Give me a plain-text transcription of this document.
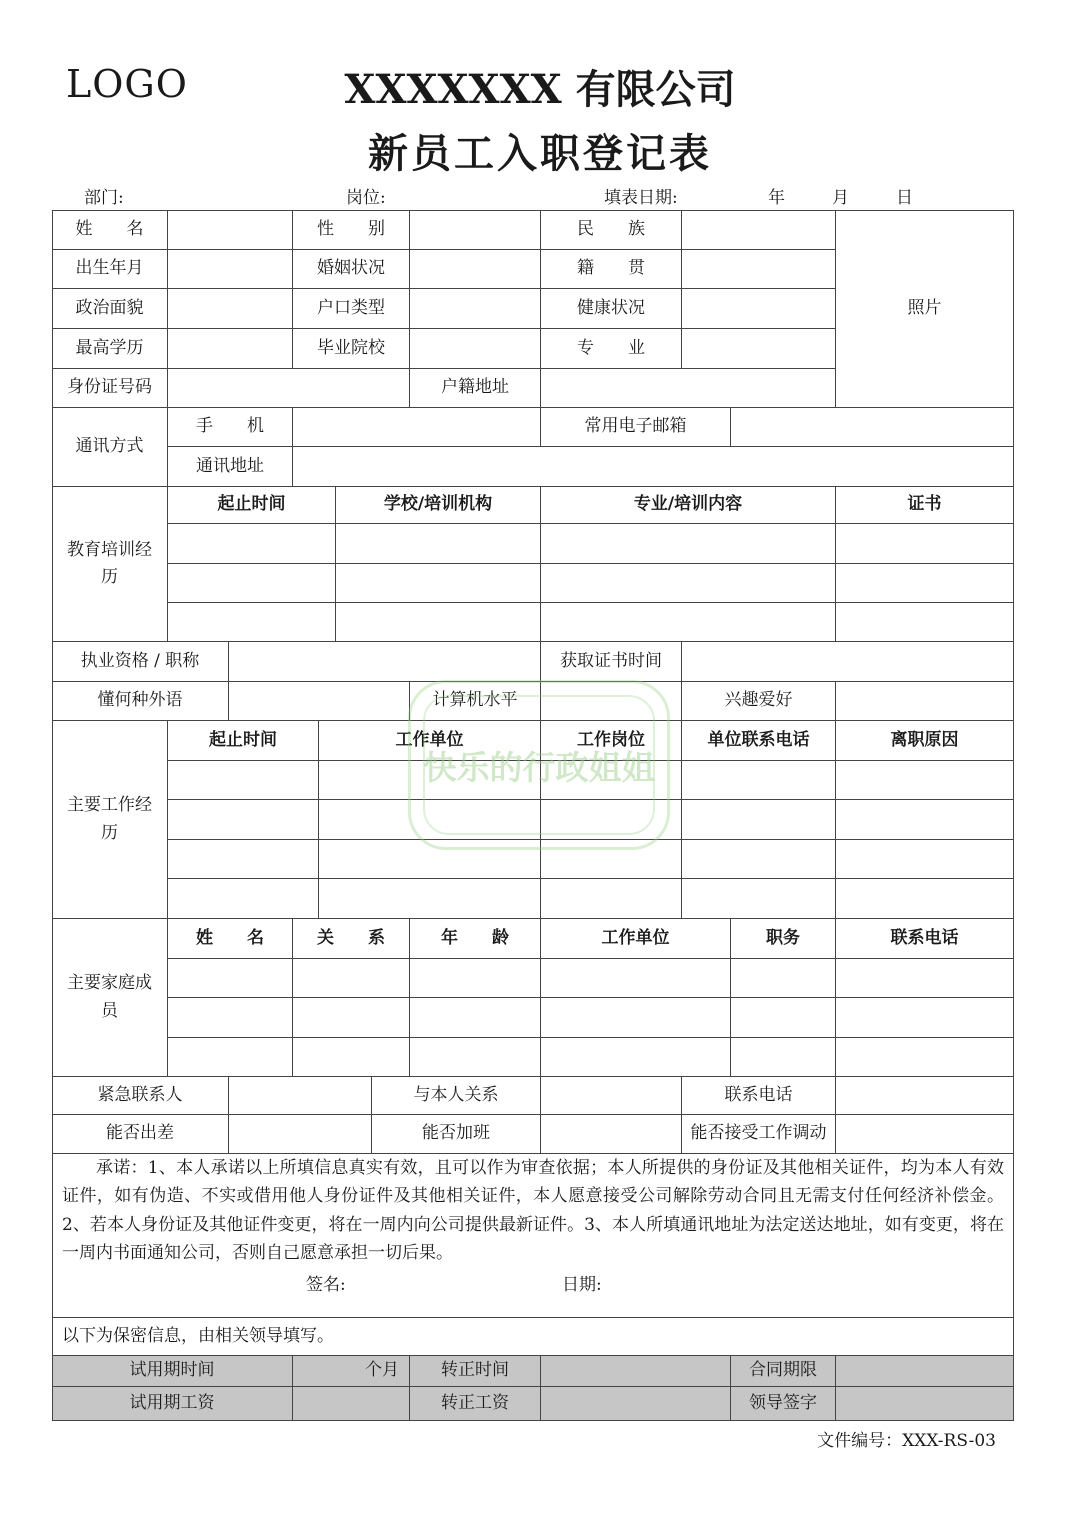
LOGO	XXXXXXX 有限公司
新员工入职登记表
部门:	岗位:	填表日期:	年	月	日
姓　　名	性　　别	民　　族
照片
出生年月	婚姻状况	籍　　贯
政治面貌	户口类型	健康状况
最高学历	毕业院校	专　　业
身份证号码	户籍地址
通讯方式
手　　机	常用电子邮箱
通讯地址
教育培训经历
起止时间	学校/培训机构	专业/培训内容	证书
执业资格 / 职称	获取证书时间
懂何种外语	计算机水平	兴趣爱好
主要工作经历
起止时间	工作单位	工作岗位	单位联系电话	离职原因
主要家庭成员
姓　　名	关　　系	年　　龄	工作单位	职务	联系电话
紧急联系人	与本人关系	联系电话
能否出差	能否加班	能否接受工作调动
以下为保密信息，由相关领导填写。
试用期时间	个月	转正时间	合同期限
试用期工资	转正工资	领导签字
承诺：1、本人承诺以上所填信息真实有效，且可以作为审查依据；本人所提供的身份证及其他相关证件，均为本人有效证件，如有伪造、不实或借用他人身份证件及其他相关证件，本人愿意接受公司解除劳动合同且无需支付任何经济补偿金。2、若本人身份证及其他证件变更，将在一周内向公司提供最新证件。3、本人所填通讯地址为法定送达地址，如有变更，将在一周内书面通知公司，否则自己愿意承担一切后果。
签名:	日期:
快乐的行政姐姐
文件编号：XXX-RS-03
